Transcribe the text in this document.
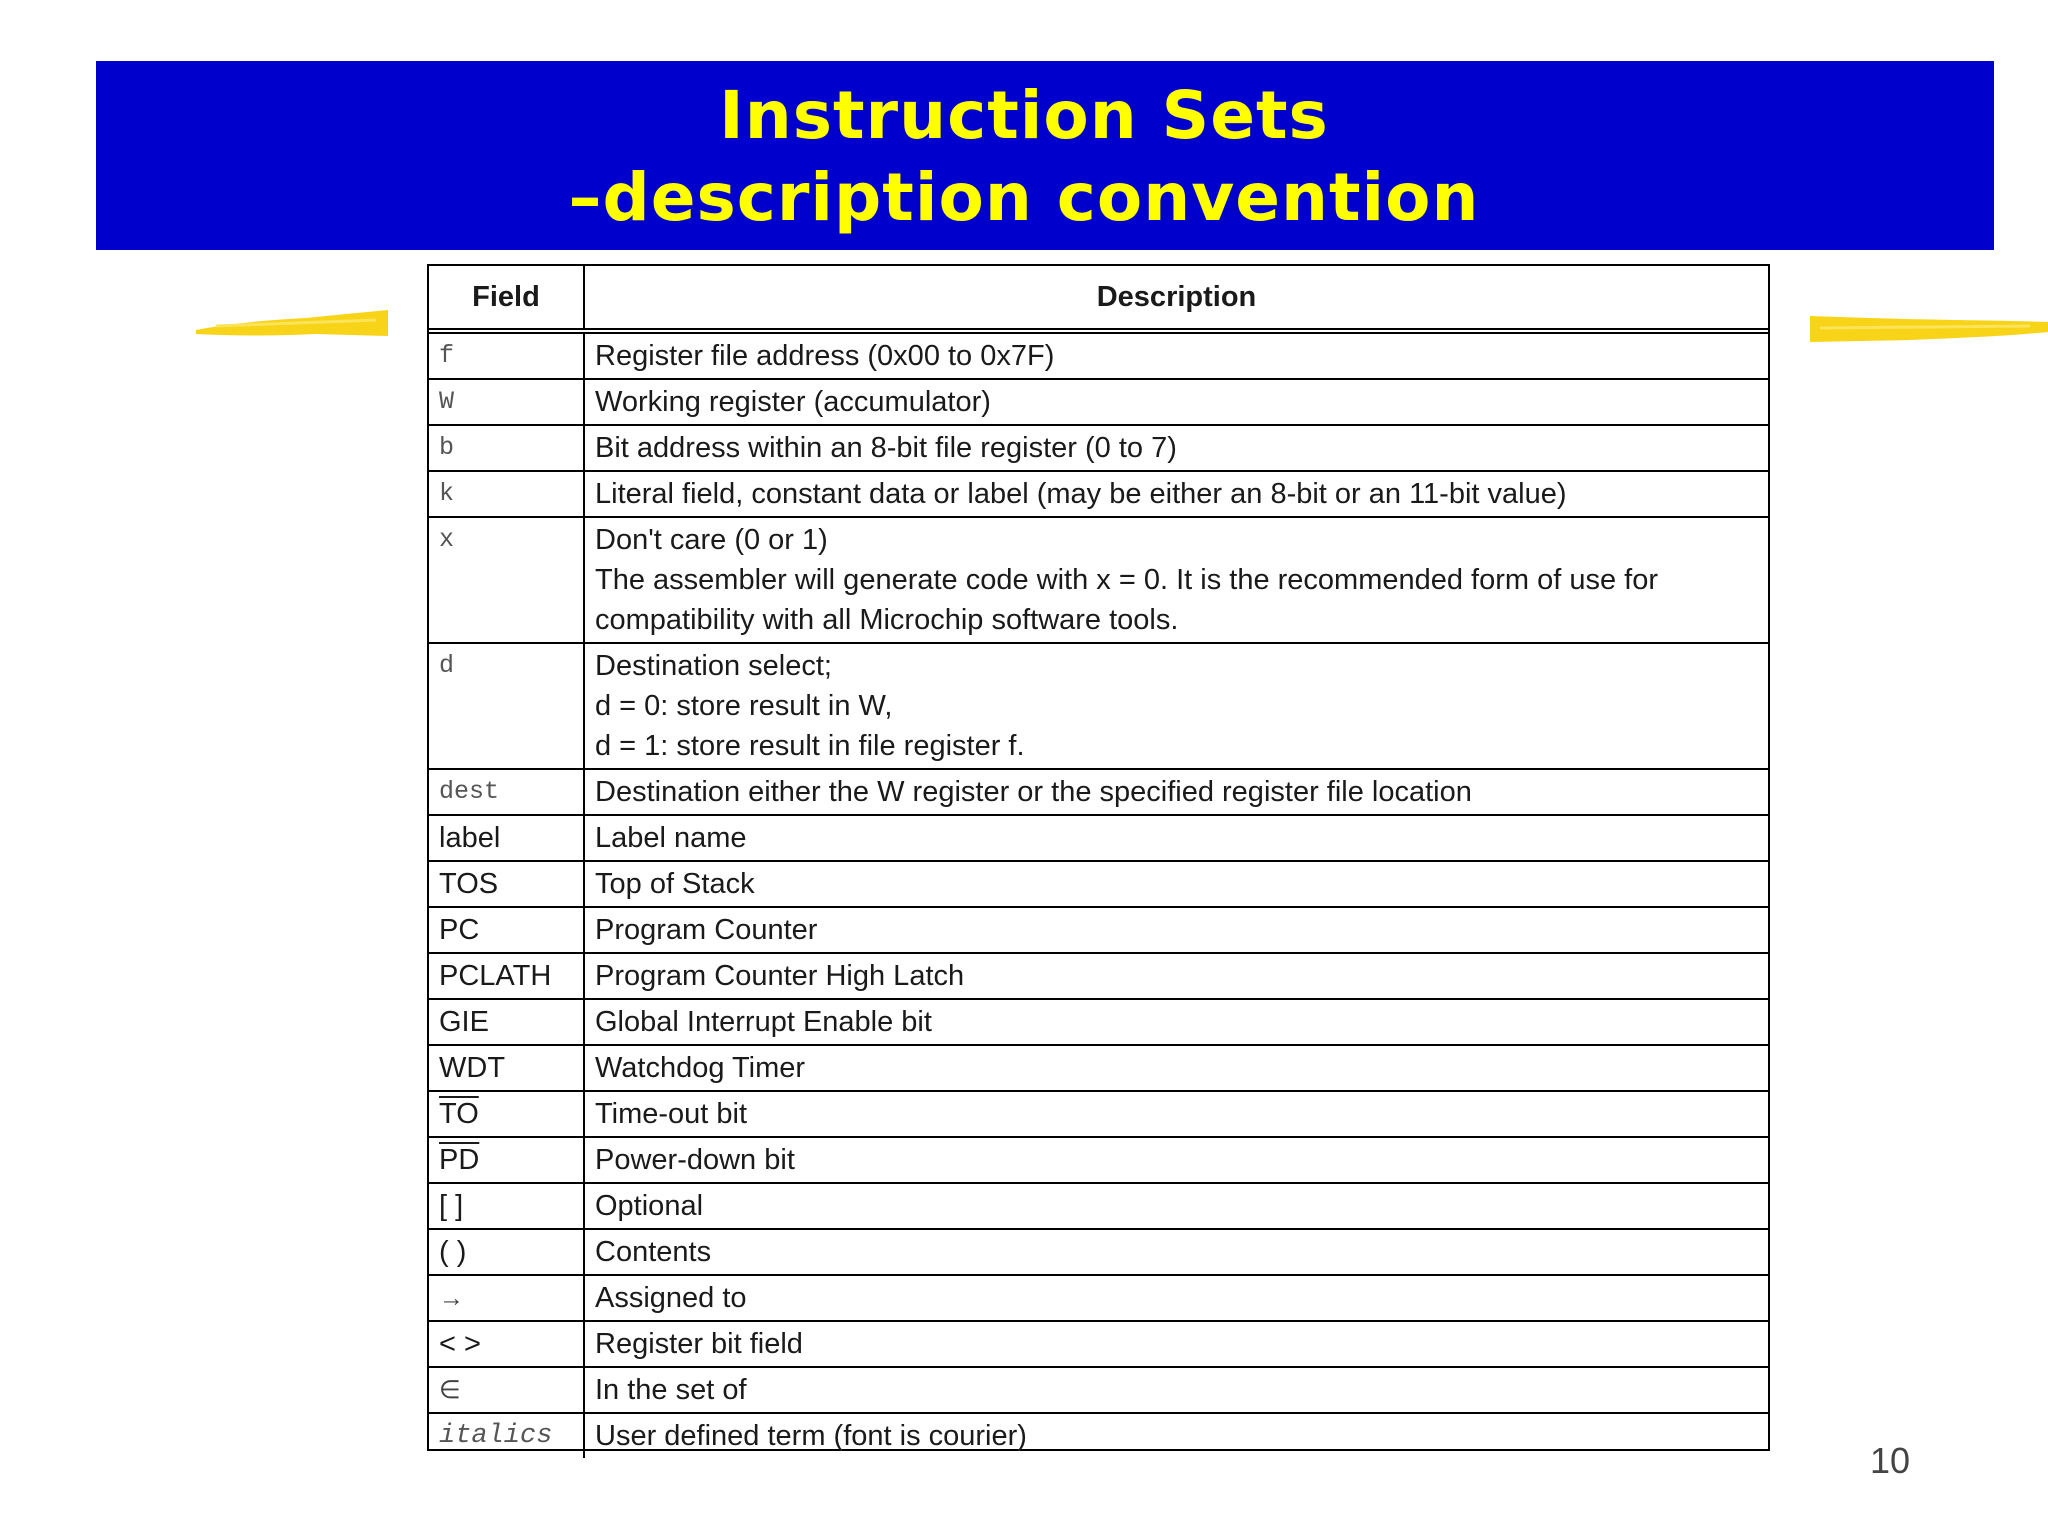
Instruction Sets
–description convention
Field	Description
f	Register file address (0x00 to 0x7F)
W	Working register (accumulator)
b	Bit address within an 8-bit file register (0 to 7)
k	Literal field, constant data or label (may be either an 8-bit or an 11-bit value)
x	Don't care (0 or 1)
The assembler will generate code with x = 0. It is the recommended form of use for
compatibility with all Microchip software tools.

d	Destination select;
d = 0: store result in W,
d = 1: store result in file register f.

dest	Destination either the W register or the specified register file location
label	Label name
TOS	Top of Stack
PC	Program Counter
PCLATH	Program Counter High Latch
GIE	Global Interrupt Enable bit
WDT	Watchdog Timer
$\overline{TO}$	Time-out bit
$\overline{PD}$	Power-down bit
[ ]	Optional
( )	Contents
→	Assigned to
< >	Register bit field
∈	In the set of
italics	User defined term (font is courier)
10
